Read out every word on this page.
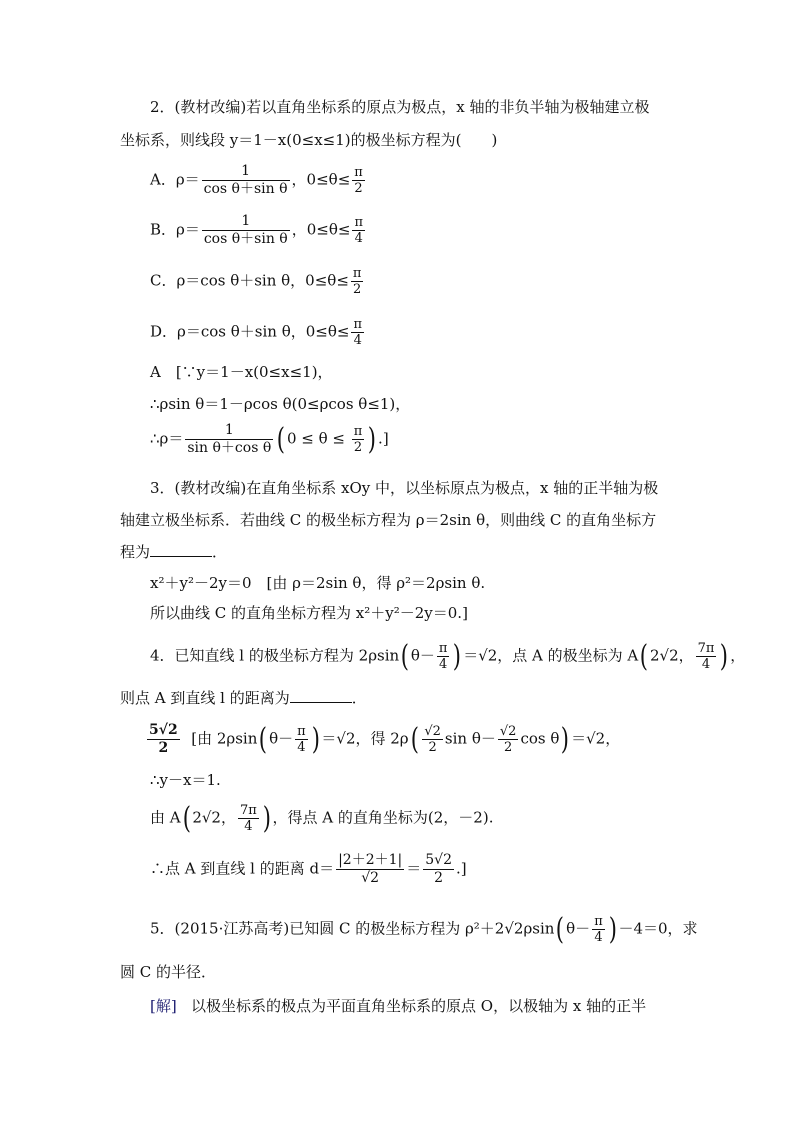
2．(教材改编)若以直角坐标系的原点为极点，x 轴的非负半轴为极轴建立极
坐标系，则线段 y＝1－x(0≤x≤1)的极坐标方程为(　　)
A．$\rho= \frac{1}{\text{cos θ＋sin θ}}$ ，$0\le\theta\le \frac{\pi}{2}$
B．$\rho= \frac{1}{\text{cos θ＋sin θ}}$ ，$0\le\theta\le \frac{\pi}{4}$
C．ρ＝cos θ＋sin θ，$0\le\theta\le \frac{\pi}{2}$
D．ρ＝cos θ＋sin θ，$0\le\theta\le \frac{\pi}{4}$
A　[∵y＝1－x(0≤x≤1)，
∴ρsin θ＝1－ρcos θ(0≤ρcos θ≤1)，
∴ρ＝ $\frac{1}{\text{sin θ＋cos θ}}$ ( $0 \le \theta \le \frac{\pi}{2}$ ) .]
3．(教材改编)在直角坐标系 xOy 中，以坐标原点为极点，x 轴的正半轴为极
轴建立极坐标系．若曲线 C 的极坐标方程为 ρ＝2sin θ，则曲线 C 的直角坐标方
程为	．
x²＋y²－2y＝0　[由 ρ＝2sin θ，得 ρ²＝2ρsin θ.
所以曲线 C 的直角坐标方程为 x²＋y²－2y＝0.]
4．已知直线 l 的极坐标方程为 2ρsin( $\theta- \frac{\pi}{4}$ ) ＝√2，点 A 的极坐标为 A( 2√2， $\frac{7\pi}{4}$ ) ，
则点 A 到直线 l 的距离为	．
$\frac{5√2}{2}$ [由 2ρsin( $\theta- \frac{\pi}{4}$ ) ＝√2，得 $2\rho( \frac{√2}{2}$ $\sin \theta- \frac{√2}{2}$ cos θ) ＝√2，
∴y－x＝1.
由 A( 2√2， $\frac{7\pi}{4}$ ) ，得点 A 的直角坐标为(2，－2).
∴点 A 到直线 l 的距离 $d= \frac{|2+2+1|}{√2} = \frac{5√2}{2}$ .]
5．(2015·江苏高考)已知圆 C 的极坐标方程为 ρ²＋2√2ρsin( $\theta- \frac{\pi}{4}$ ) －4＝0，求
圆 C 的半径．
[解] 以极坐标系的极点为平面直角坐标系的原点 O，以极轴为 x 轴的正半
